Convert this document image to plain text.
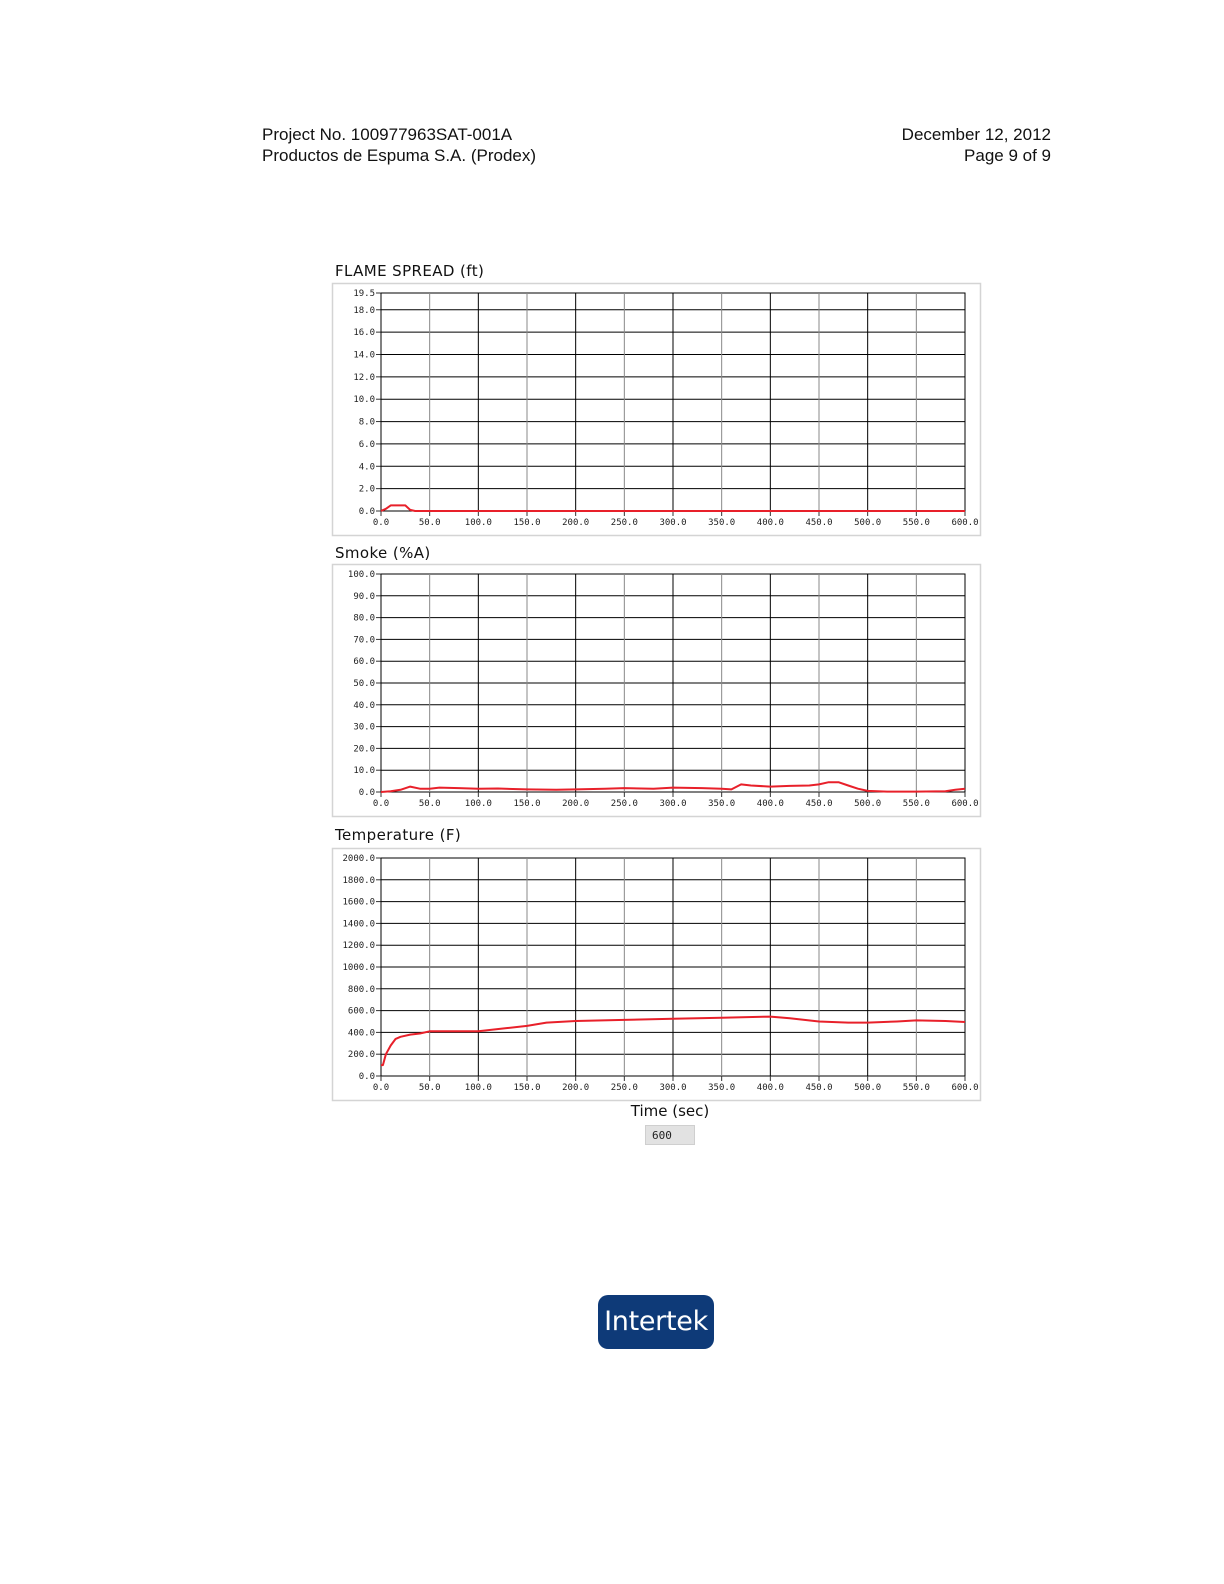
Project No. 100977963SAT-001A
Productos de Espuma S.A. (Prodex)
December 12, 2012
Page 9 of 9
FLAME SPREAD (ft)
0.0
2.0
4.0
6.0
8.0
10.0
12.0
14.0
16.0
18.0
19.5
0.0	50.0	100.0 150.0 200.0 250.0 300.0 350.0 400.0 450.0 500.0 550.0 600.0
Smoke (%A)
0.0
10.0
20.0
30.0
40.0
50.0
60.0
70.0
80.0
90.0
100.0
0.0	50.0	100.0 150.0 200.0 250.0 300.0 350.0 400.0 450.0 500.0 550.0 600.0
Temperature (F)
0.0
200.0
400.0
600.0
800.0
1000.0
1200.0
1400.0
1600.0
1800.0
2000.0
0.0	50.0	100.0 150.0 200.0 250.0 300.0 350.0 400.0 450.0 500.0 550.0 600.0
Time (sec)
600
Intertek
